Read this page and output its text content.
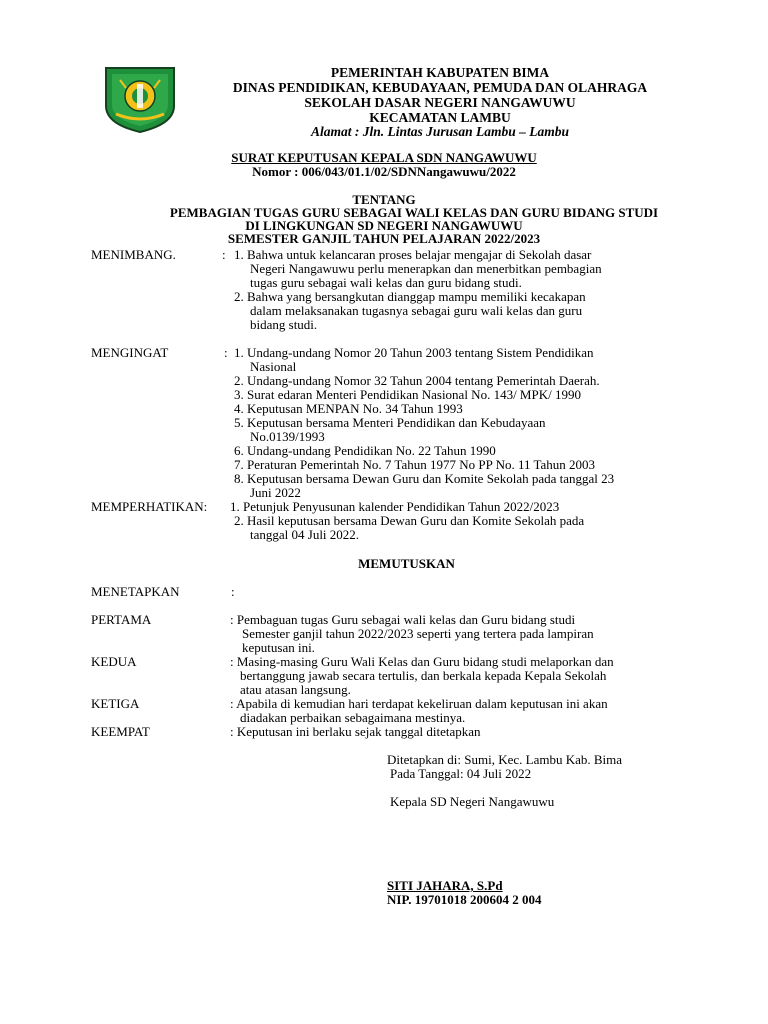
PEMERINTAH KABUPATEN BIMA
DINAS PENDIDIKAN, KEBUDAYAAN, PEMUDA DAN OLAHRAGA
SEKOLAH DASAR NEGERI NANGAWUWU
KECAMATAN LAMBU
Alamat : Jln. Lintas Jurusan Lambu – Lambu
SURAT KEPUTUSAN KEPALA SDN NANGAWUWU
Nomor : 006/043/01.1/02/SDNNangawuwu/2022
TENTANG
PEMBAGIAN TUGAS GURU SEBAGAI WALI KELAS DAN GURU BIDANG STUDI
DI LINGKUNGAN SD NEGERI NANGAWUWU
SEMESTER GANJIL TAHUN PELAJARAN 2022/2023
MENIMBANG.	: 1. Bahwa untuk kelancaran proses belajar mengajar di Sekolah dasar
Negeri Nangawuwu perlu menerapkan dan menerbitkan pembagian
tugas guru sebagai wali kelas dan guru bidang studi.
2. Bahwa yang bersangkutan dianggap mampu memiliki kecakapan
dalam melaksanakan tugasnya sebagai guru wali kelas dan guru
bidang studi.
MENGINGAT	: 1. Undang-undang Nomor 20 Tahun 2003 tentang Sistem Pendidikan
Nasional
2. Undang-undang Nomor 32 Tahun 2004 tentang Pemerintah Daerah.
3. Surat edaran Menteri Pendidikan Nasional No. 143/ MPK/ 1990
4. Keputusan MENPAN No. 34 Tahun 1993
5. Keputusan bersama Menteri Pendidikan dan Kebudayaan
No.0139/1993
6. Undang-undang Pendidikan No. 22 Tahun 1990
7. Peraturan Pemerintah No. 7 Tahun 1977 No PP No. 11 Tahun 2003
8. Keputusan bersama Dewan Guru dan Komite Sekolah pada tanggal 23
Juni 2022
MEMPERHATIKAN: 1. Petunjuk Penyusunan kalender Pendidikan Tahun 2022/2023
2. Hasil keputusan bersama Dewan Guru dan Komite Sekolah pada
tanggal 04 Juli 2022.
MEMUTUSKAN
MENETAPKAN	:
PERTAMA	: Pembaguan tugas Guru sebagai wali kelas dan Guru bidang studi
Semester ganjil tahun 2022/2023 seperti yang tertera pada lampiran
keputusan ini.
KEDUA	: Masing-masing Guru Wali Kelas dan Guru bidang studi melaporkan dan
bertanggung jawab secara tertulis, dan berkala kepada Kepala Sekolah
atau atasan langsung.
KETIGA	: Apabila di kemudian hari terdapat kekeliruan dalam keputusan ini akan
diadakan perbaikan sebagaimana mestinya.
KEEMPAT	: Keputusan ini berlaku sejak tanggal ditetapkan
Ditetapkan di: Sumi, Kec. Lambu Kab. Bima
Pada Tanggal: 04 Juli 2022
Kepala SD Negeri Nangawuwu
SITI JAHARA, S.Pd
NIP. 19701018 200604 2 004
